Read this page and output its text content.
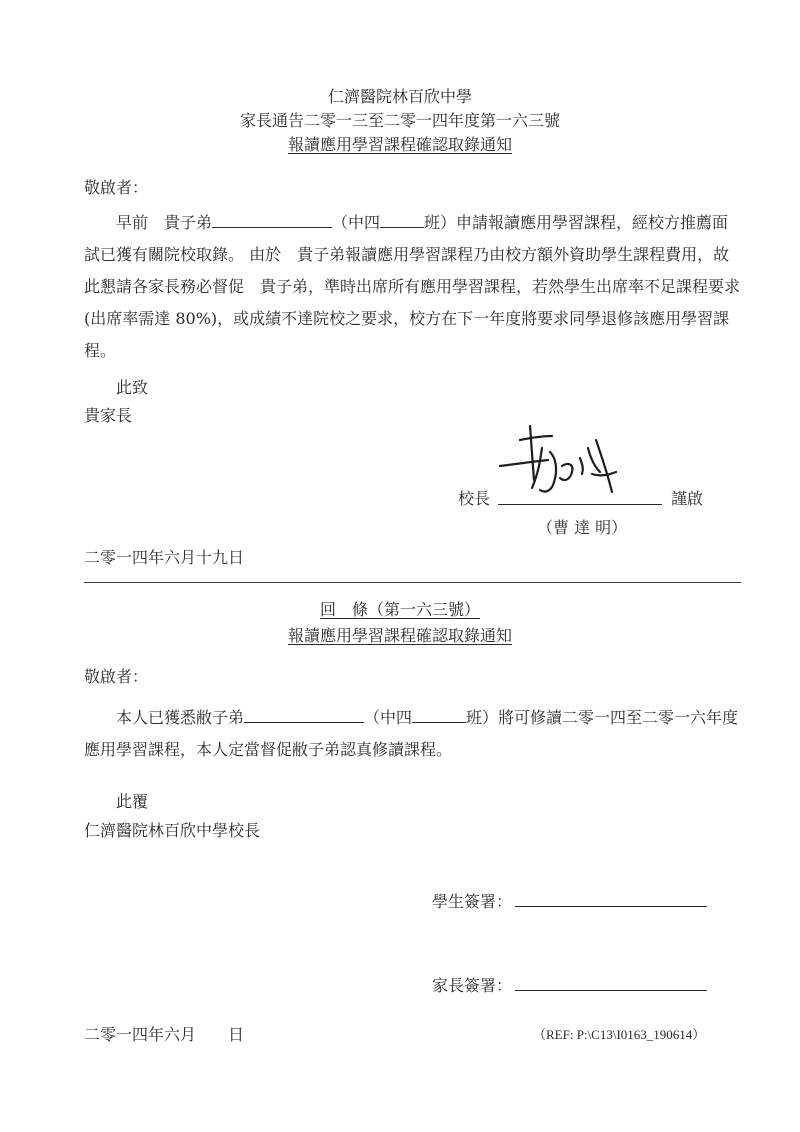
仁濟醫院林百欣中學
家長通告二零一三至二零一四年度第一六三號
報讀應用學習課程確認取錄通知
敬啟者：
早前　貴子弟	（中四	班）申請報讀應用學習課程，經校方推薦面試已獲有關院校取錄。 由於　貴子弟報讀應用學習課程乃由校方額外資助學生課程費用，故此懇請各家長務必督促　貴子弟，準時出席所有應用學習課程，若然學生出席率不足課程要求(出席率需達 80%)，或成績不達院校之要求，校方在下一年度將要求同學退修該應用學習課程。
此致
貴家長
校長	謹啟
（曹 達 明）
二零一四年六月十九日
回　條（第一六三號）
報讀應用學習課程確認取錄通知
敬啟者：
本人已獲悉敝子弟	（中四	班）將可修讀二零一四至二零一六年度應用學習課程，本人定當督促敝子弟認真修讀課程。
此覆
仁濟醫院林百欣中學校長
學生簽署：
家長簽署：
二零一四年六月　　日	（REF: P:\C13\I0163_190614）
